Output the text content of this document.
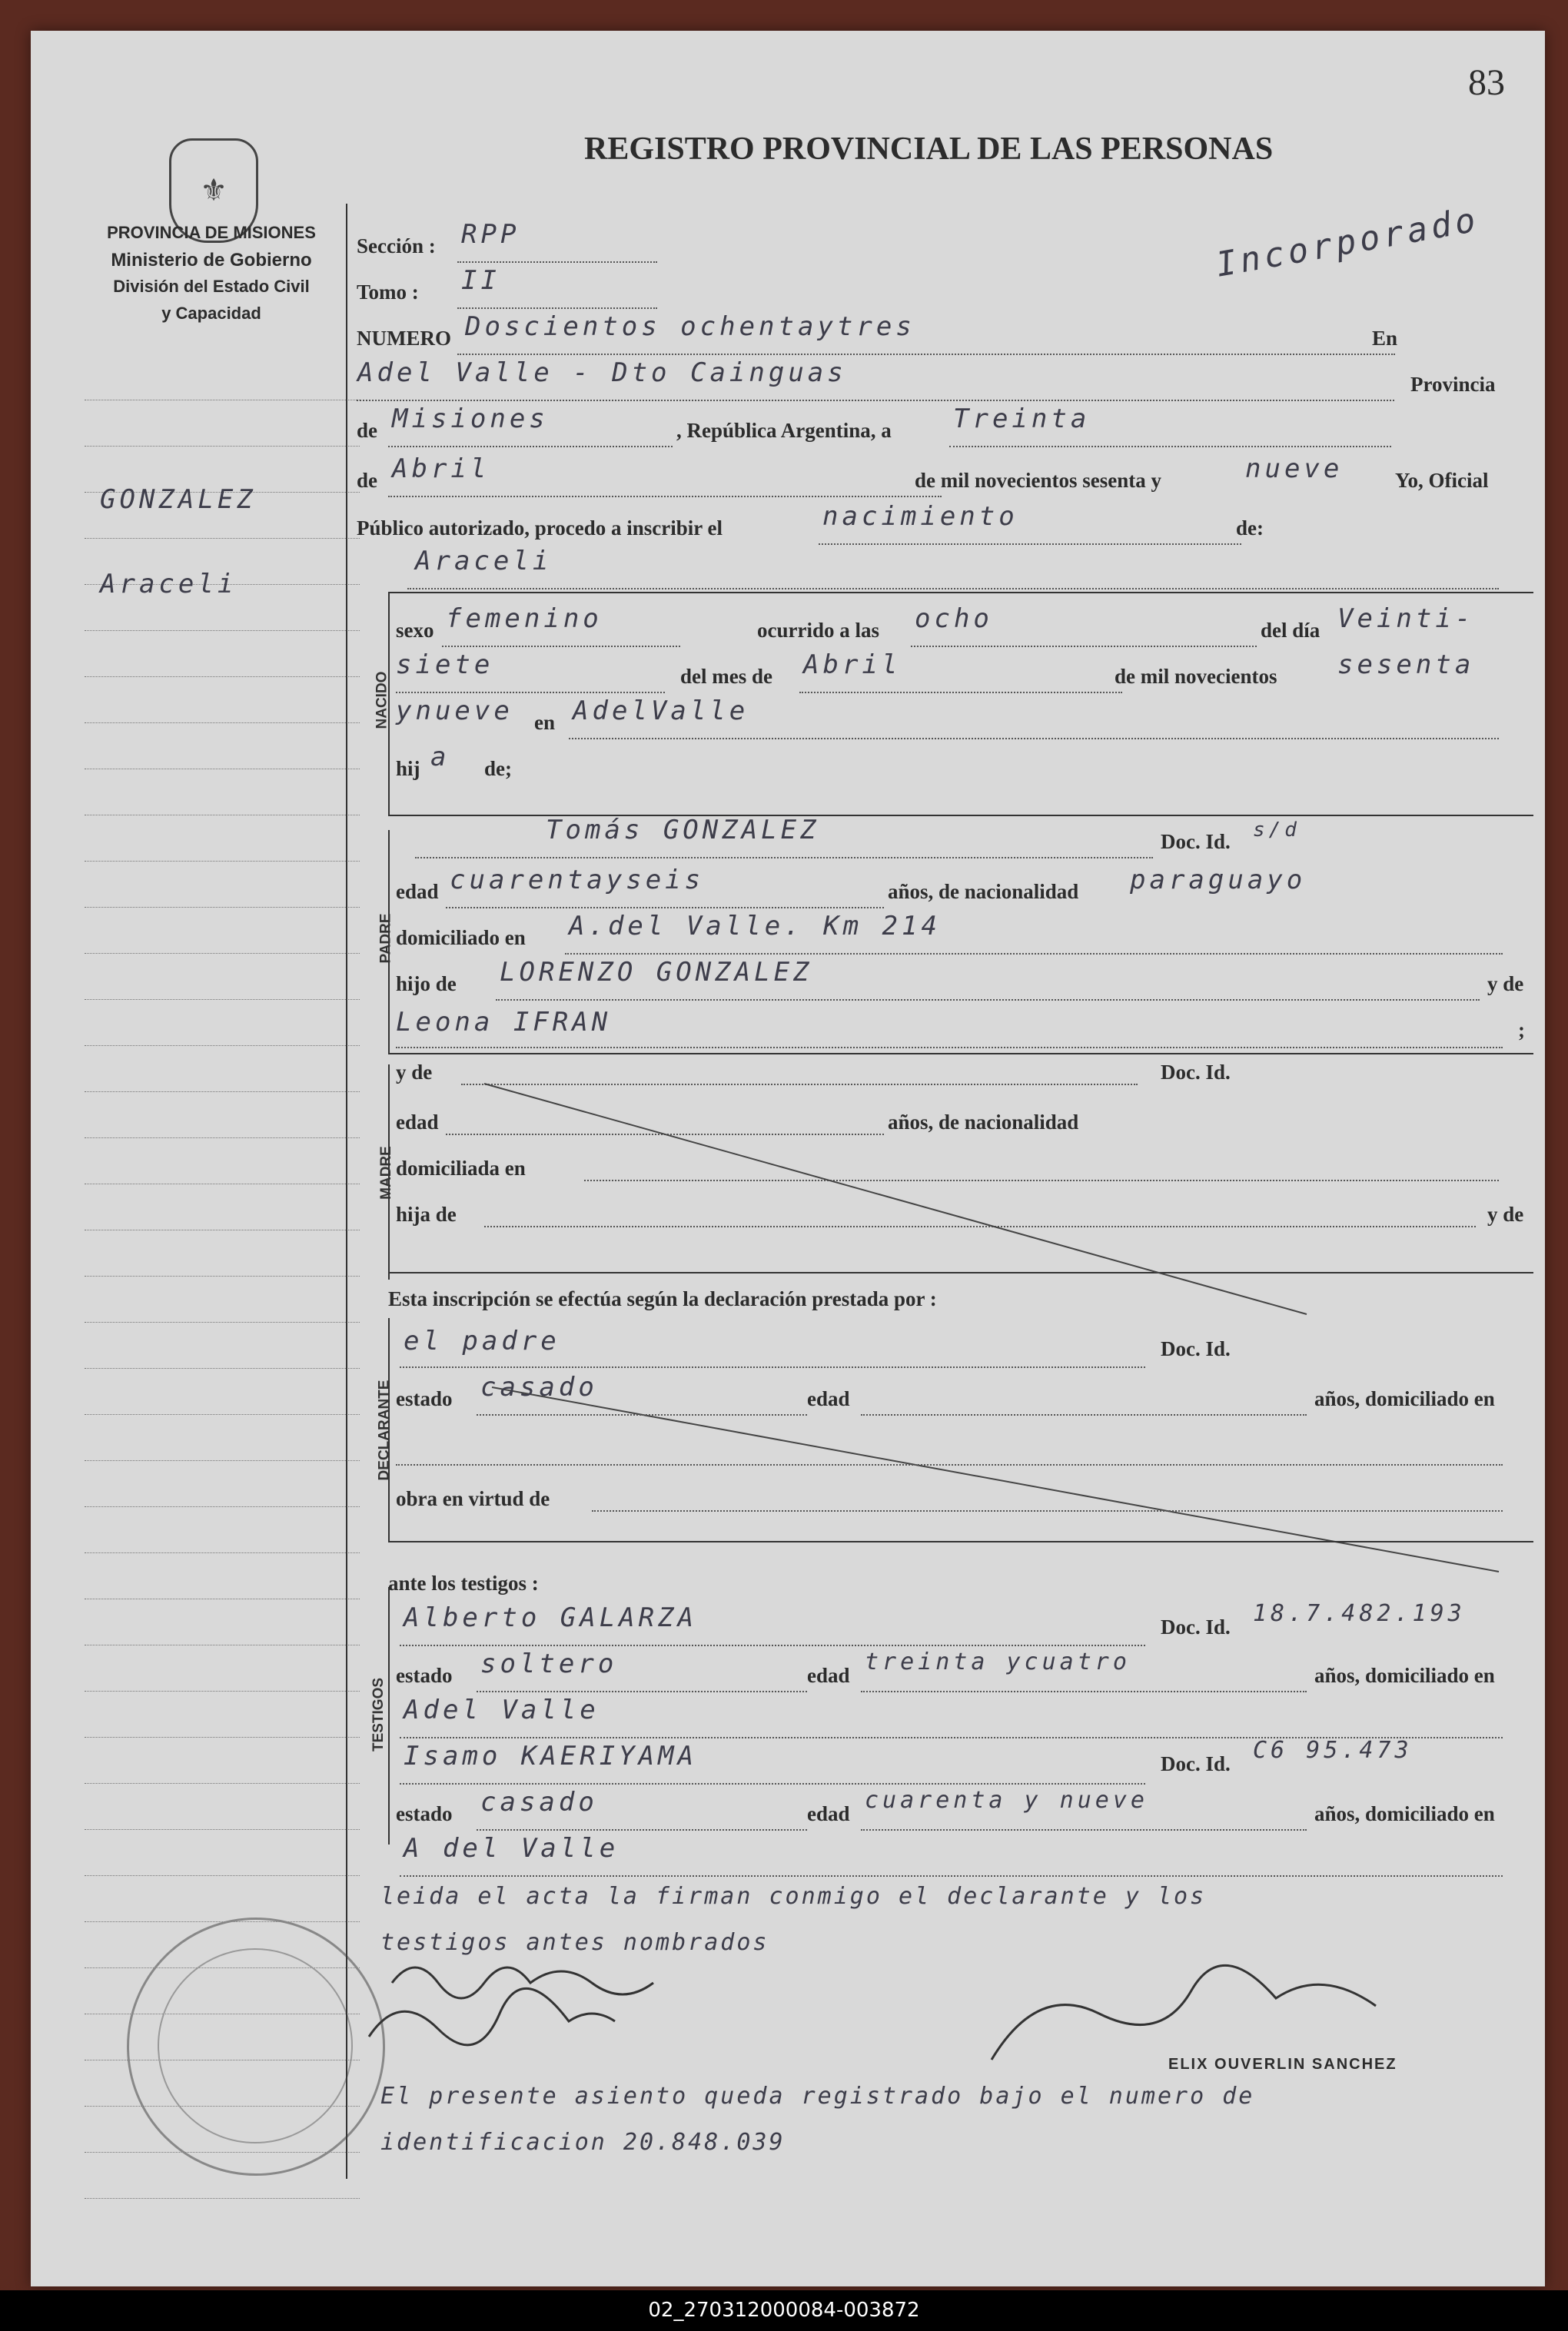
83
REGISTRO PROVINCIAL DE LAS PERSONAS
Incorporado
⚜
PROVINCIA DE MISIONES
Ministerio de Gobierno
División del Estado Civil
y Capacidad
GONZALEZ
Araceli
NACIDO
PADRE
MADRE
DECLARANTE
TESTIGOS
Sección : RPP
Tomo : II
NUMERO Doscientos ochentaytres	En
Adel Valle - Dto Cainguas	Provincia
de Misiones	, República Argentina, a Treinta
de Abril	de mil novecientos sesenta y	nueve	Yo, Oficial
Público autorizado, procedo a inscribir el	nacimiento	de:
Araceli
sexo femenino	ocurrido a las ocho	del día Veinti-
siete	del mes de Abril	de mil novecientos sesenta
ynueve en AdelValle
hij a de;
Tomás GONZALEZ	Doc. Id. s/d
edad cuarentayseis	años, de nacionalidad paraguayo
domiciliado en A.del Valle. Km 214
hijo de LORENZO GONZALEZ	y de
Leona IFRAN	;
y de	Doc. Id.
edad	años, de nacionalidad
domiciliada en
hija de	y de
Esta inscripción se efectúa según la declaración prestada por :
el padre	Doc. Id.
estado casado	edad	años, domiciliado en
obra en virtud de
ante los testigos :
Alberto GALARZA	Doc. Id. 18.7.482.193
estado soltero	edad treinta ycuatro	años, domiciliado en
Adel Valle
Isamo KAERIYAMA	Doc. Id. C6 95.473
estado casado	edad cuarenta y nueve	años, domiciliado en
A del Valle
leida el acta la firman conmigo el declarante y los
testigos antes nombrados
ELIX OUVERLIN SANCHEZ
El presente asiento queda registrado bajo el numero de
identificacion 20.848.039
02_270312000084-003872
